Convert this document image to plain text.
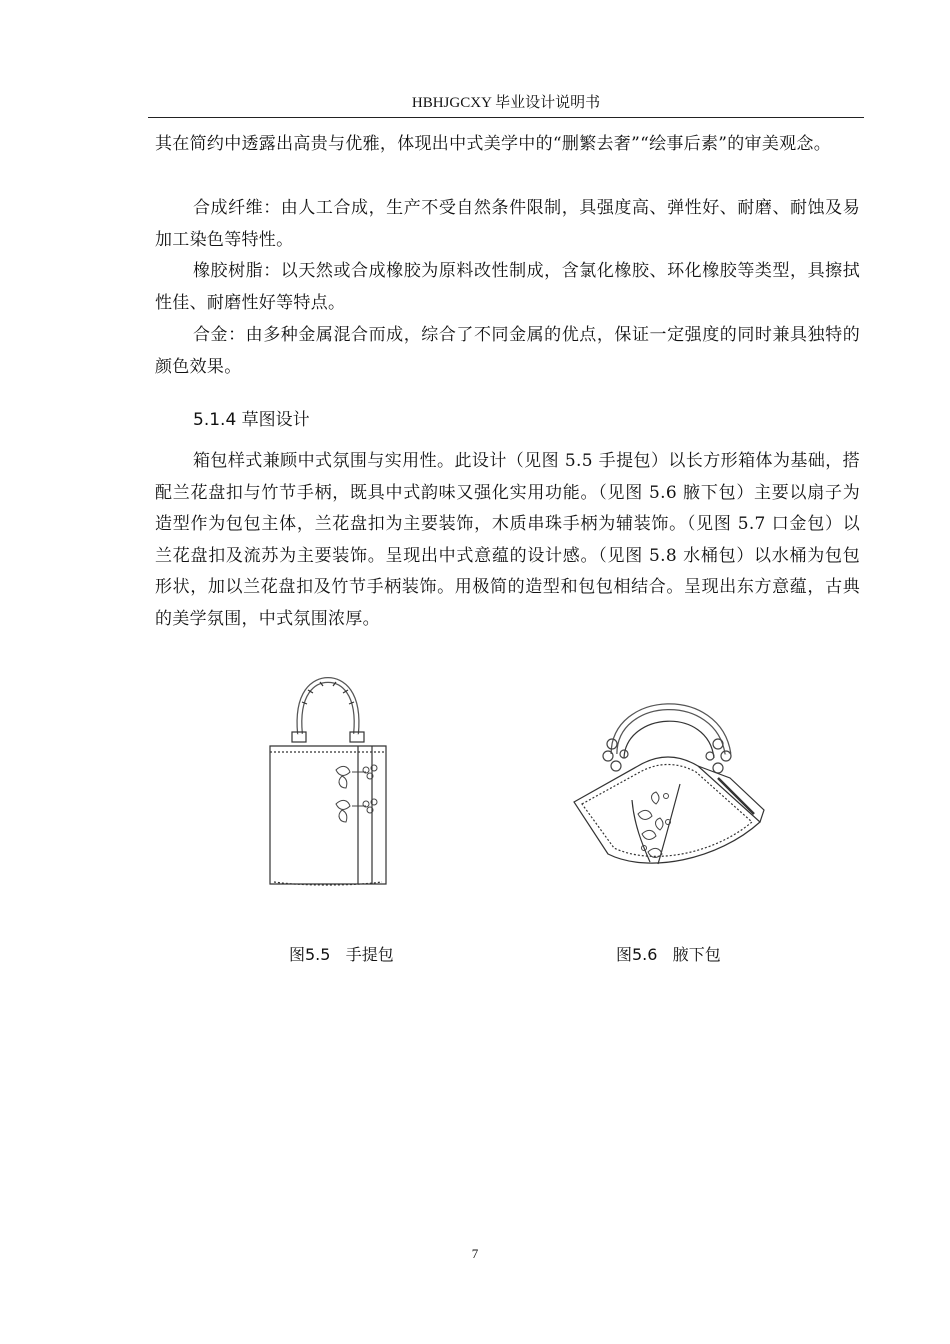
HBHJGCXY 毕业设计说明书

其在简约中透露出高贵与优雅，体现出中式美学中的“删繁去奢”“绘事后素”的审美观念。

合成纤维：由人工合成，生产不受自然条件限制，具强度高、弹性好、耐磨、耐蚀及易加工染色等特性。

橡胶树脂：以天然或合成橡胶为原料改性制成，含氯化橡胶、环化橡胶等类型，具擦拭性佳、耐磨性好等特点。

合金：由多种金属混合而成，综合了不同金属的优点，保证一定强度的同时兼具独特的颜色效果。

5.1.4 草图设计

箱包样式兼顾中式氛围与实用性。此设计（见图 5.5 手提包）以长方形箱体为基础，搭配兰花盘扣与竹节手柄，既具中式韵味又强化实用功能。（见图 5.6 腋下包）主要以扇子为造型作为包包主体，兰花盘扣为主要装饰，木质串珠手柄为辅装饰。（见图 5.7 口金包）以兰花盘扣及流苏为主要装饰。呈现出中式意蕴的设计感。（见图 5.8 水桶包）以水桶为包包形状，加以兰花盘扣及竹节手柄装饰。用极简的造型和包包相结合。呈现出东方意蕴，古典的美学氛围，中式氛围浓厚。

图5.5   手提包	图5.6   腋下包
7
